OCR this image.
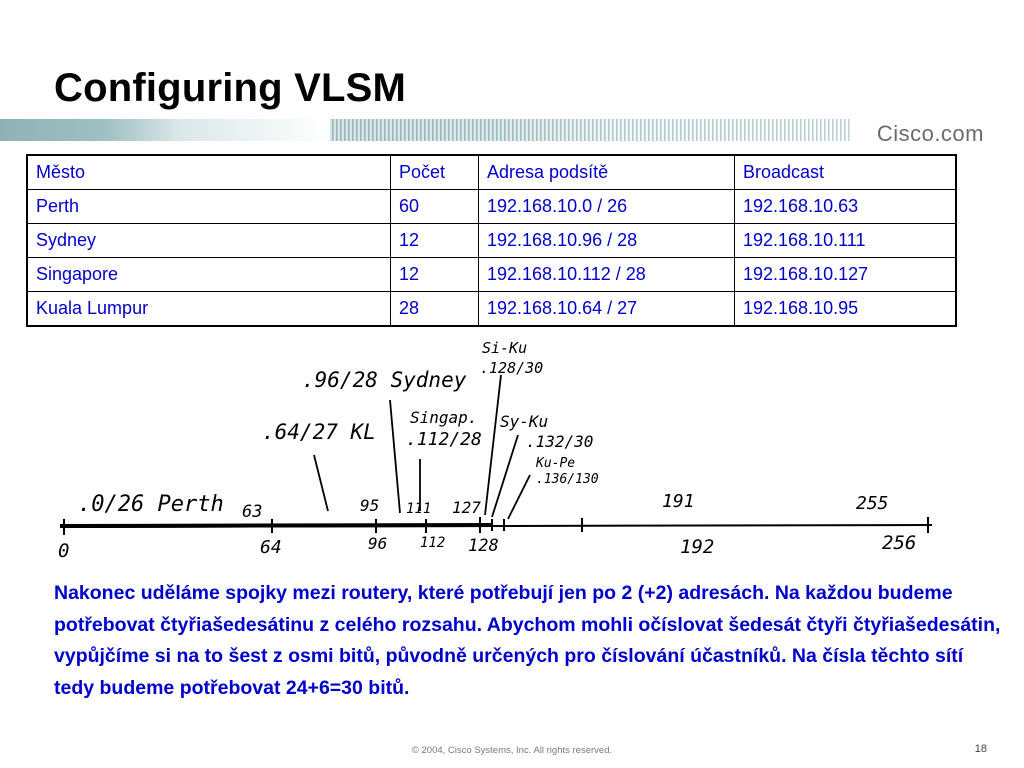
Configuring VLSM
Cisco.com
Město	Počet	Adresa podsítě	Broadcast
Perth	60	192.168.10.0 / 26	192.168.10.63
Sydney	12	192.168.10.96 / 28	192.168.10.111
Singapore	12	192.168.10.112 / 28	192.168.10.127
Kuala Lumpur	28	192.168.10.64 / 27	192.168.10.95
.96/28 Sydney
.64/27 KL
Singap.
.112/28
Si-Ku
.128/30
Sy-Ku
.132/30
Ku-Pe
.136/130
.0/26 Perth 63	95 111 127	191	255
0	64	96 112 128	192	256
Nakonec uděláme spojky mezi routery, které potřebují jen po 2 (+2) adresách. Na každou budeme potřebovat čtyřiašedesátinu z celého rozsahu. Abychom mohli očíslovat šedesát čtyři čtyřiašedesátin, vypůjčíme si na to šest z osmi bitů, původně určených pro číslování účastníků. Na čísla těchto sítí tedy budeme potřebovat 24+6=30 bitů.
© 2004, Cisco Systems, Inc. All rights reserved.	18
